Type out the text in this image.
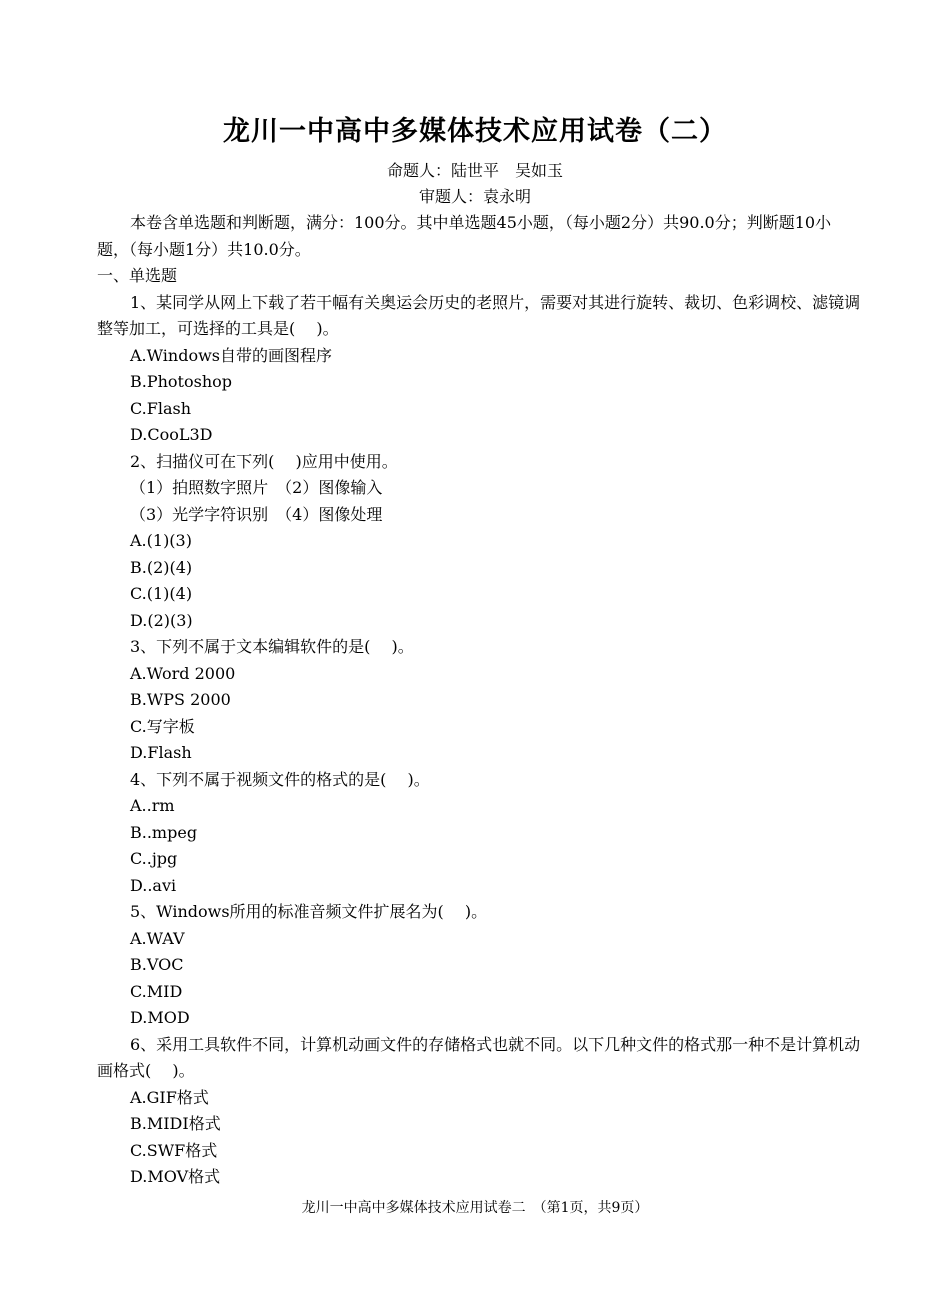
龙川一中高中多媒体技术应用试卷（二）
命题人：陆世平 吴如玉
审题人：袁永明

本卷含单选题和判断题，满分：100分。其中单选题45小题，（每小题2分）共90.0分；判断题10小题，（每小题1分）共10.0分。

一、单选题

1、某同学从网上下载了若干幅有关奥运会历史的老照片，需要对其进行旋转、裁切、色彩调校、滤镜调整等加工，可选择的工具是(　 )。

A.Windows自带的画图程序

B.Photoshop

C.Flash

D.CooL3D

2、扫描仪可在下列(　 )应用中使用。

（1）拍照数字照片　（2）图像输入

（3）光学字符识别　（4）图像处理

A.(1)(3)

B.(2)(4)

C.(1)(4)

D.(2)(3)

3、下列不属于文本编辑软件的是(　 )。

A.Word 2000

B.WPS 2000

C.写字板

D.Flash

4、下列不属于视频文件的格式的是(　 )。

A..rm

B..mpeg

C..jpg

D..avi

5、Windows所用的标准音频文件扩展名为(　 )。

A.WAV

B.VOC

C.MID

D.MOD

6、采用工具软件不同，计算机动画文件的存储格式也就不同。以下几种文件的格式那一种不是计算机动画格式(　 )。

A.GIF格式

B.MIDI格式

C.SWF格式

D.MOV格式

龙川一中高中多媒体技术应用试卷二　（第1页，共9页）
